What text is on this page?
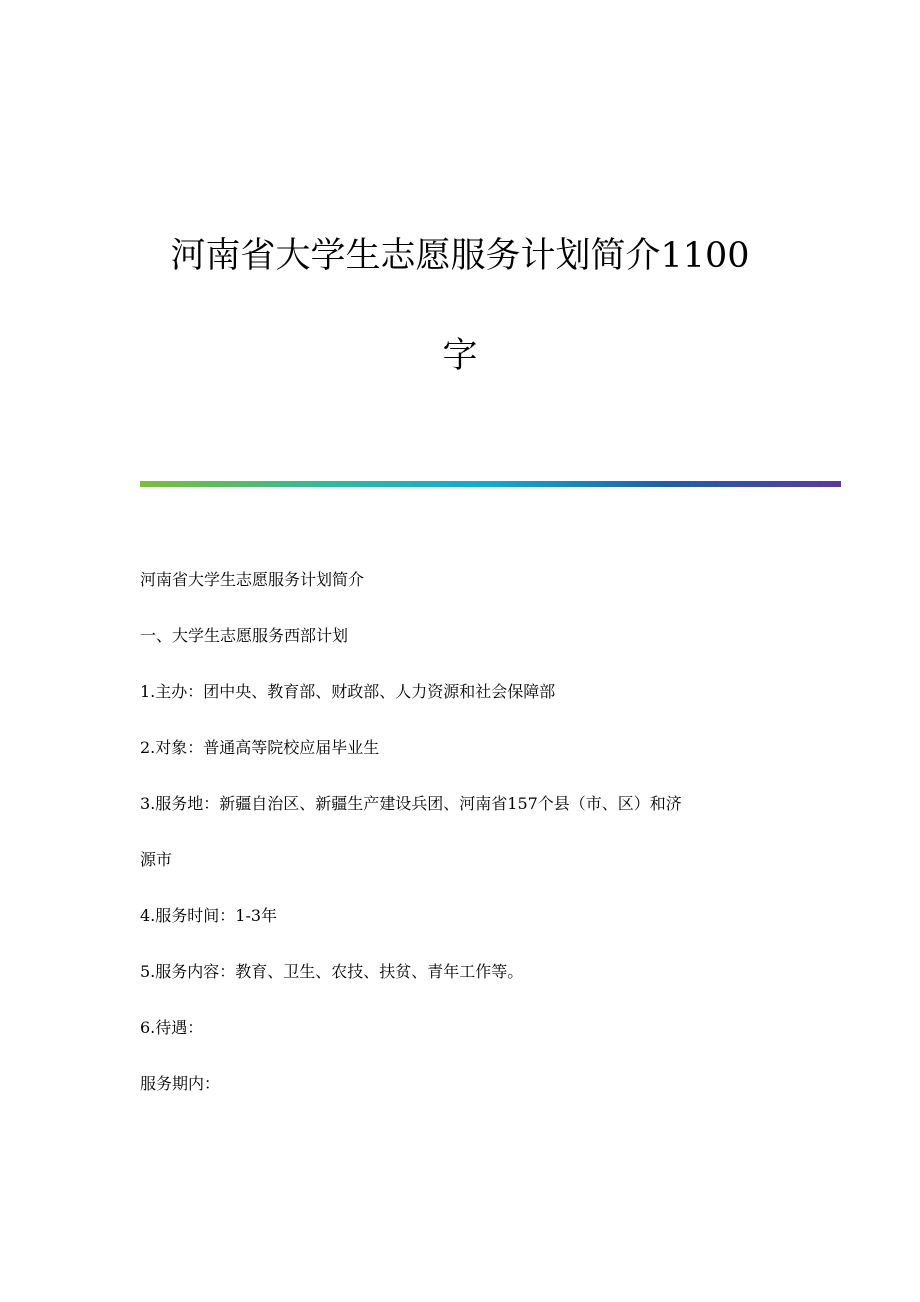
河南省大学生志愿服务计划简介1100
字

河南省大学生志愿服务计划简介

一、大学生志愿服务西部计划

1.主办：团中央、教育部、财政部、人力资源和社会保障部

2.对象：普通高等院校应届毕业生

3.服务地：新疆自治区、新疆生产建设兵团、河南省157个县（市、区）和济

源市

4.服务时间：1-3年

5.服务内容：教育、卫生、农技、扶贫、青年工作等。

6.待遇：

服务期内：
